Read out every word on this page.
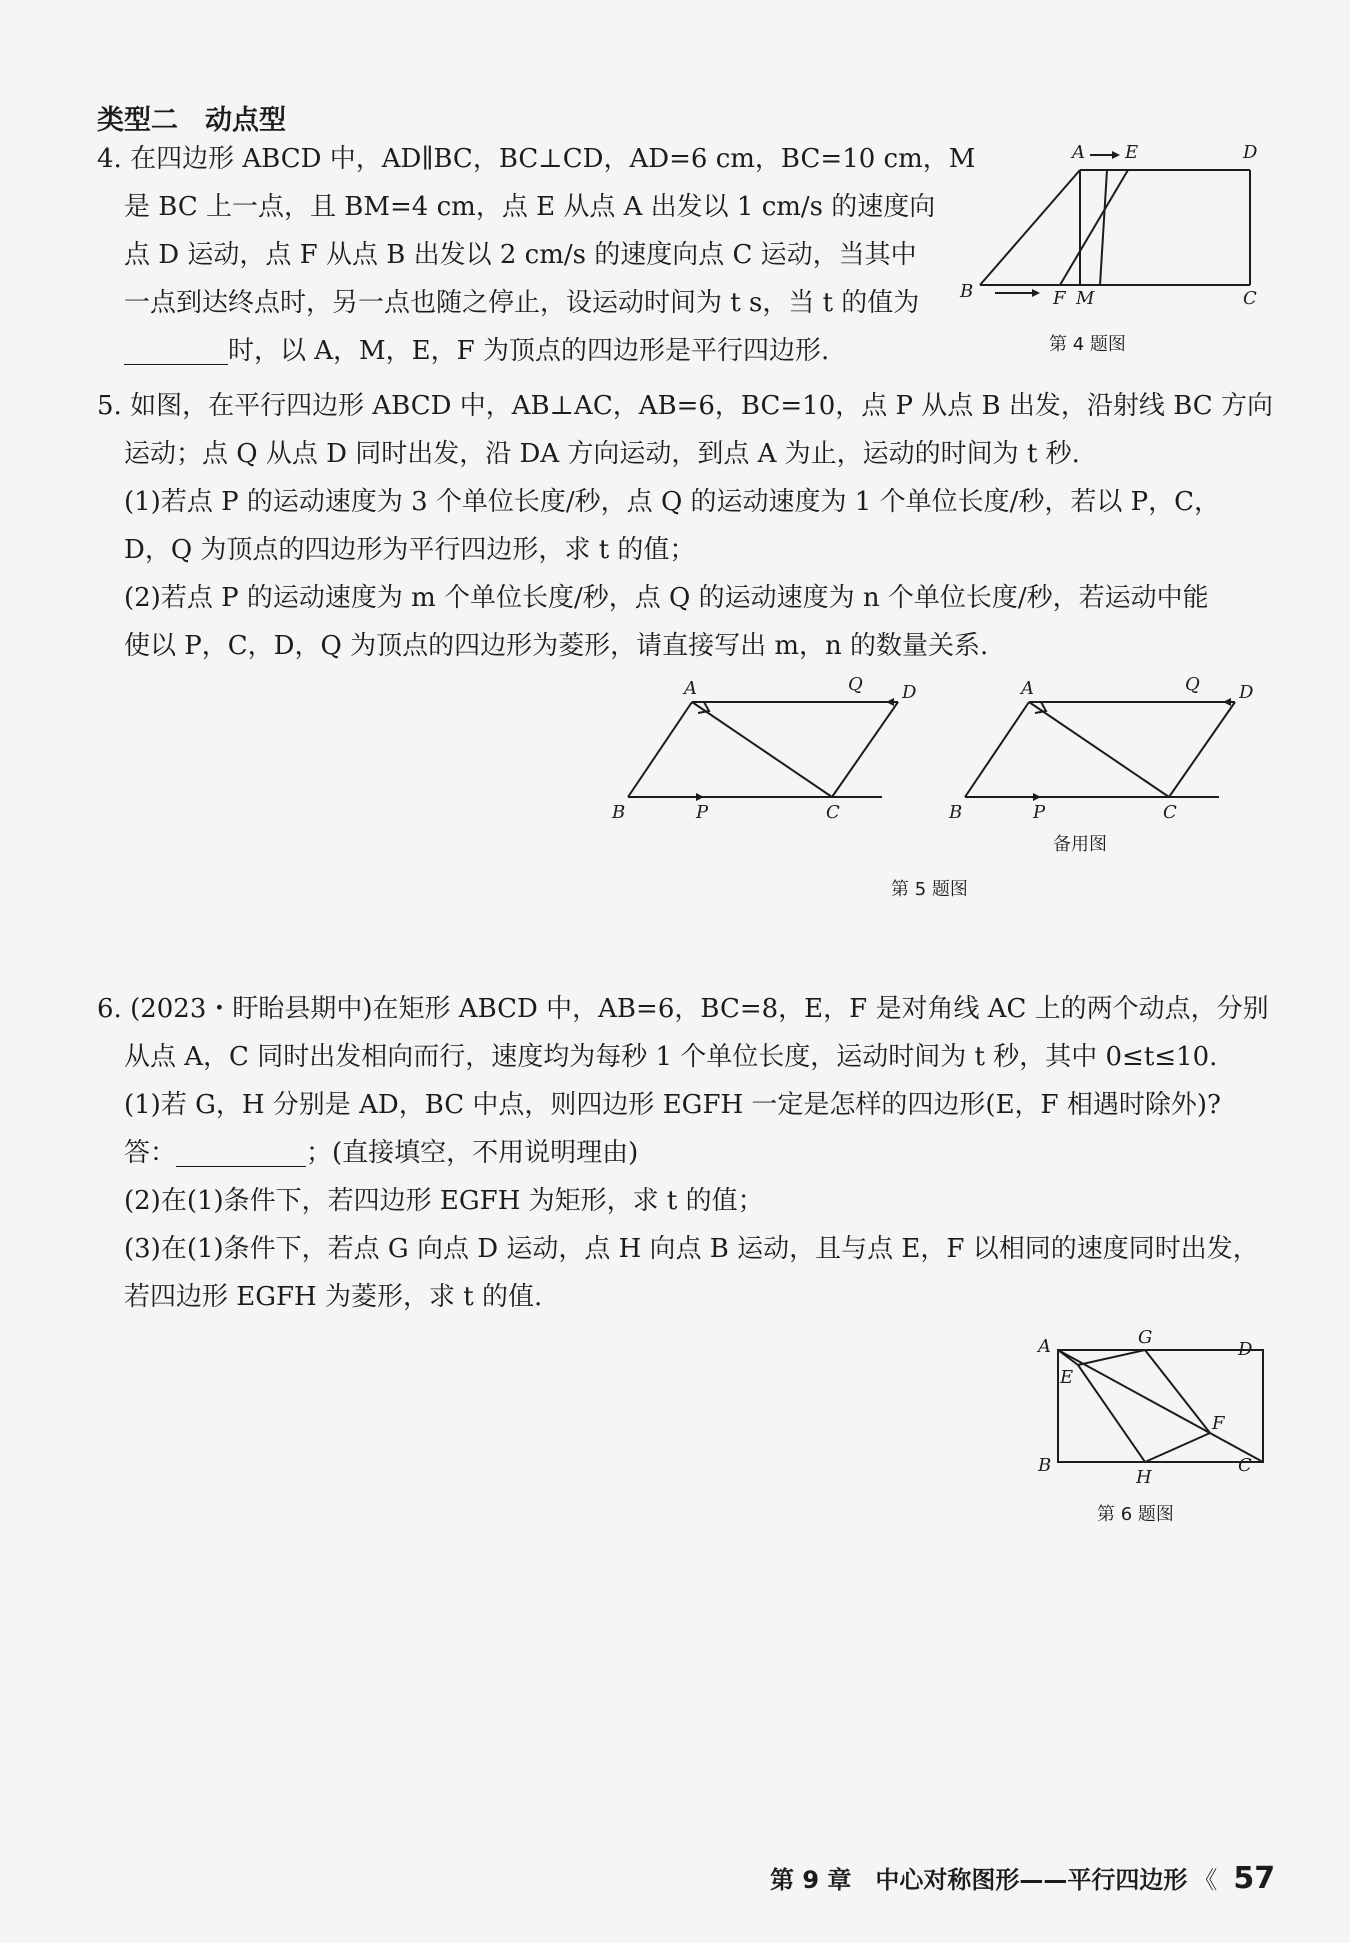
类型二　动点型
4. 在四边形 ABCD 中，AD∥BC，BC⊥CD，AD=6 cm，BC=10 cm，M
是 BC 上一点，且 BM=4 cm，点 E 从点 A 出发以 1 cm/s 的速度向
点 D 运动，点 F 从点 B 出发以 2 cm/s 的速度向点 C 运动，当其中
一点到达终点时，另一点也随之停止，设运动时间为 t s，当 t 的值为
________时，以 A，M，E，F 为顶点的四边形是平行四边形.
A E	D
B	F M	C
第 4 题图
5. 如图，在平行四边形 ABCD 中，AB⊥AC，AB=6，BC=10，点 P 从点 B 出发，沿射线 BC 方向
运动；点 Q 从点 D 同时出发，沿 DA 方向运动，到点 A 为止，运动的时间为 t 秒.
(1)若点 P 的运动速度为 3 个单位长度/秒，点 Q 的运动速度为 1 个单位长度/秒，若以 P，C，
D，Q 为顶点的四边形为平行四边形，求 t 的值；
(2)若点 P 的运动速度为 m 个单位长度/秒，点 Q 的运动速度为 n 个单位长度/秒，若运动中能
使以 P，C，D，Q 为顶点的四边形为菱形，请直接写出 m，n 的数量关系.
A	Q D
B	P	C
A	Q D
B	P	C
备用图
第 5 题图
6. (2023・盱眙县期中)在矩形 ABCD 中，AB=6，BC=8，E，F 是对角线 AC 上的两个动点，分别
从点 A，C 同时出发相向而行，速度均为每秒 1 个单位长度，运动时间为 t 秒，其中 0≤t≤10.
(1)若 G，H 分别是 AD，BC 中点，则四边形 EGFH 一定是怎样的四边形(E，F 相遇时除外)?
答：__________；(直接填空，不用说明理由)
(2)在(1)条件下，若四边形 EGFH 为矩形，求 t 的值；
(3)在(1)条件下，若点 G 向点 D 运动，点 H 向点 B 运动，且与点 E，F 以相同的速度同时出发，
若四边形 EGFH 为菱形，求 t 的值.
A	G
D
E
F
B
H
C
第 6 题图
第 9 章　中心对称图形——平行四边形 《 57
